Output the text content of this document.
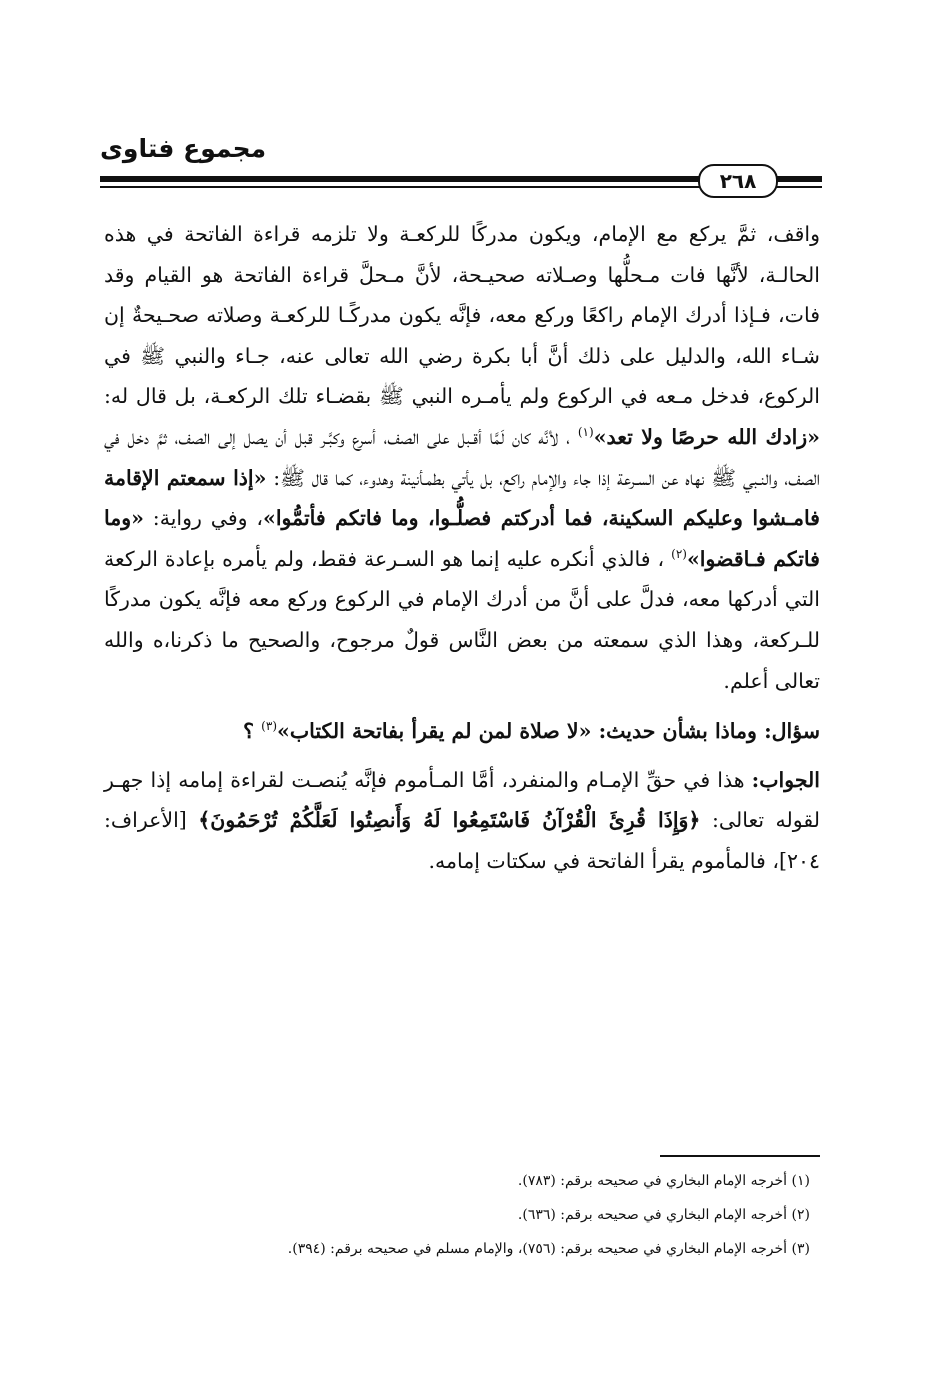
مجموع فتاوى
٢٦٨

واقف، ثمَّ يركع مع الإمام، ويكون مدركًا للركعـة ولا تلزمه قراءة الفاتحة في هذه الحالـة، لأنَّها فات مـحلُّها وصـلاته صحيـحة، لأنَّ مـحلَّ قراءة الفاتحة هو القيام وقد فات، فـإذا أدرك الإمام راكعًا وركع معه، فإنَّه يكون مدركًـا للركعـة وصلاته صحـيحةٌ إن شـاء الله، والدليل على ذلك أنَّ أبا بكرة رضي الله تعالى عنه، جـاء والنبي ﷺ في الركوع، فدخل مـعه في الركوع ولم يأمـره النبي ﷺ بقضـاء تلك الركعـة، بل قال له: «زادك الله حرصًا ولا تعد»$^{(١)}$ ، لأنَّه كان لَمَّا أقـبل على الصف، أسرع وكبَّـر قبل أن يصل إلى الصف، ثمَّ دخل في الصف، والنـبي ﷺ نهاه عن السـرعة إذا جاء والإمام راكع، بل يأتي بطمـأنينة وهدوء، كما قال ﷺ: «إذا سمعتم الإقامة فامـشوا وعليكم السكينة، فما أدركتم فصلُّـوا، وما فاتكم فأتمُّوا»، وفي رواية: «وما فاتكم فـاقضوا»$^{(٢)}$ ، فالذي أنكره عليه إنما هو السـرعة فقط، ولم يأمره بإعادة الركعة التي أدركها معه، فدلَّ على أنَّ من أدرك الإمام في الركوع وركع معه فإنَّه يكون مدركًا للـركعة، وهذا الذي سمعته من بعض النَّاس قولٌ مرجوح، والصحيح ما ذكرنا،ه والله تعالى أعلم.

سؤال: وماذا بشأن حديث: «لا صلاة لمن لم يقرأ بفاتحة الكتاب»$^{(٣)}$ ؟

الجواب: هذا في حقِّ الإمـام والمنفرد، أمَّا المـأموم فإنَّه يُنصـت لقراءة إمامه إذا جهـر لقوله تعالى: ﴿وَإِذَا قُرِئَ الْقُرْآنُ فَاسْتَمِعُوا لَهُ وَأَنصِتُوا لَعَلَّكُمْ تُرْحَمُونَ﴾ [الأعراف: ٢٠٤]، فالمأموم يقرأ الفاتحة في سكتات إمامه.

(١) أخرجه الإمام البخاري في صحيحه برقم: (٧٨٣).
(٢) أخرجه الإمام البخاري في صحيحه برقم: (٦٣٦).
(٣) أخرجه الإمام البخاري في صحيحه برقم: (٧٥٦)، والإمام مسلم في صحيحه برقم: (٣٩٤).
